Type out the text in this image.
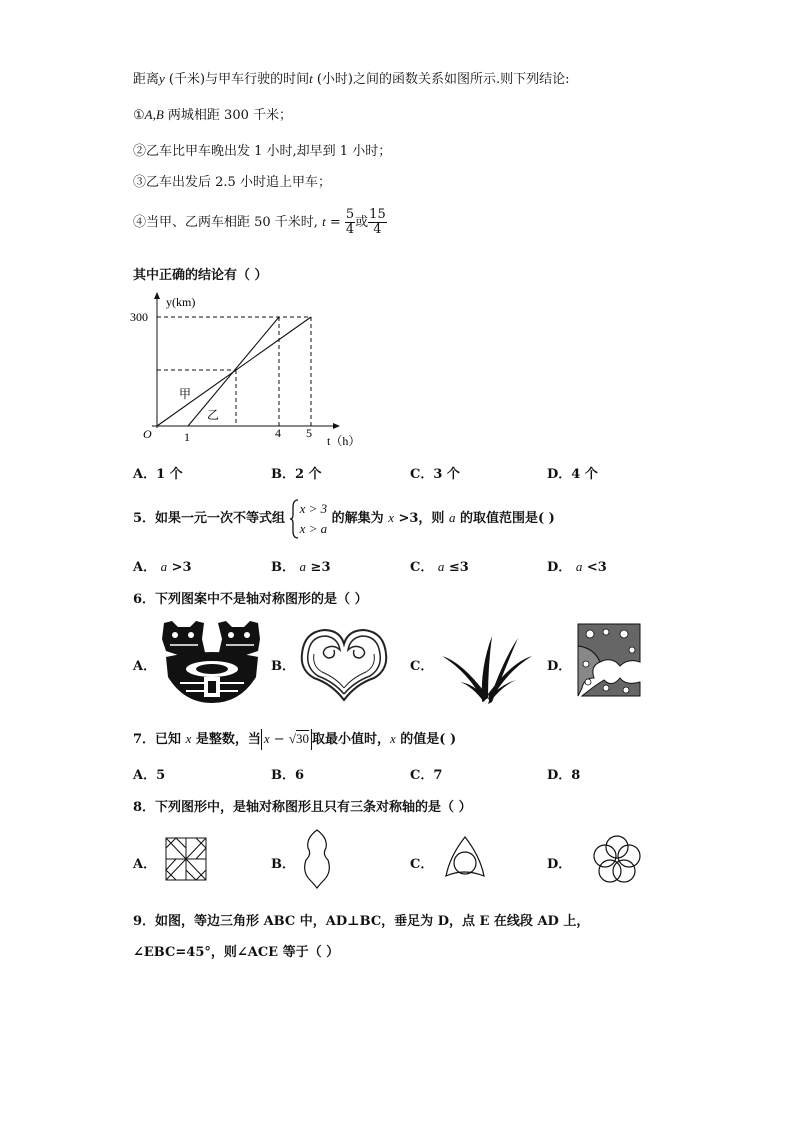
距离y (千米)与甲车行驶的时间t (小时)之间的函数关系如图所示.则下列结论:
①A,B 两城相距 300 千米；
②乙车比甲车晚出发 1 小时,却早到 1 小时；
③乙车出发后 2.5 小时追上甲车；
④当甲、乙两车相距 50 千米时, $t = \frac{5}{4}$ 或 $\frac{15}{4}$
其中正确的结论有（ ）
y(km)
300
O	1	4 5
t（h）
甲
乙
A．1 个	B．2 个	C．3 个	D．4 个
5．如果一元一次不等式组
x > 3
x > a
的解集为 x >3，则 a 的取值范围是( )
A． a >3	B． a ≥3	C． a ≤3	D． a <3
6．下列图案中不是轴对称图形的是（ ）
A．	B．	C．	D．
7．已知 x 是整数，当 x − √30 取最小值时，x 的值是( )
A．5	B．6	C．7	D．8
8．下列图形中，是轴对称图形且只有三条对称轴的是（ ）
A．	B．	C．	D．
9．如图，等边三角形 ABC 中，AD⊥BC，垂足为 D，点 E 在线段 AD 上，
∠EBC=45°，则∠ACE 等于（ ）
